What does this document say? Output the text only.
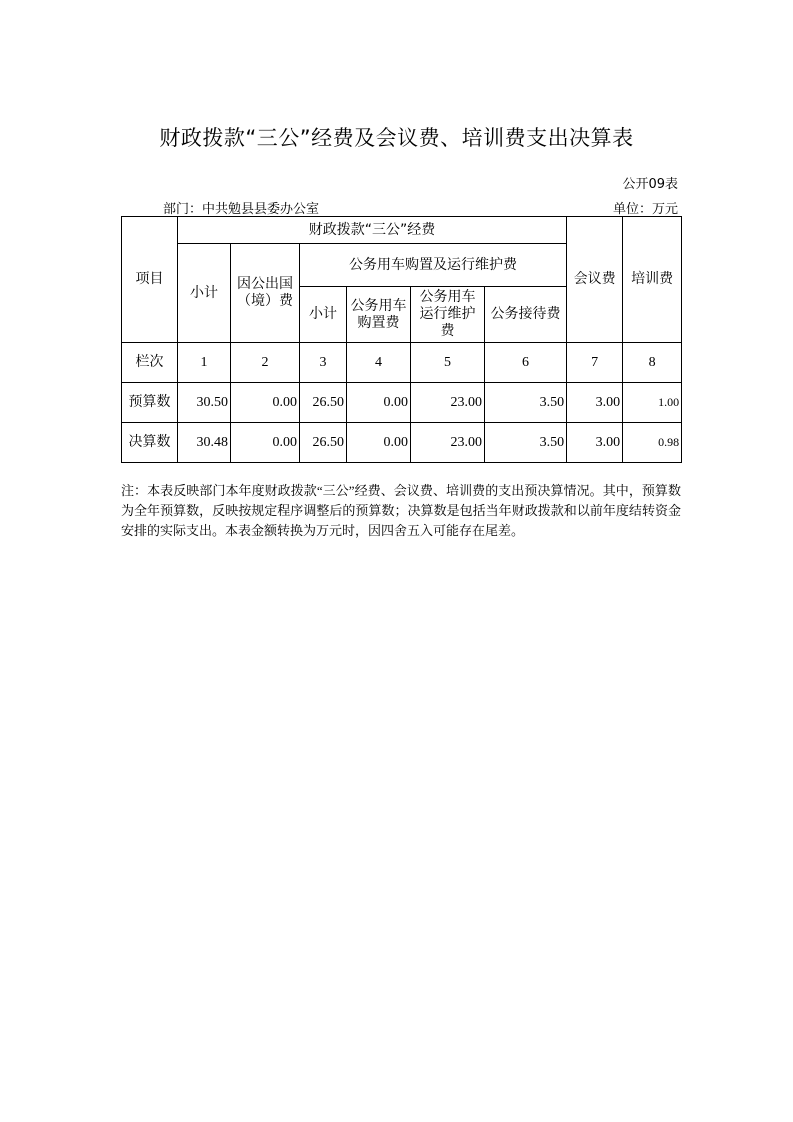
财政拨款“三公”经费及会议费、培训费支出决算表
公开09表
部门：中共勉县县委办公室	单位：万元
项目	财政拨款“三公”经费						会议费	培训费
	小计	因公出国（境）费	公务用车购置及运行维护费					
			小计	公务用车购置费	公务用车运行维护费	公务接待费		
栏次	1	2	3	4	5	6	7	8
预算数	30.50	0.00	26.50	0.00	23.00	3.50	3.00	1.00
决算数	30.48	0.00	26.50	0.00	23.00	3.50	3.00	0.98
注：本表反映部门本年度财政拨款“三公”经费、会议费、培训费的支出预决算情况。其中，预算数为全年预算数，反映按规定程序调整后的预算数；决算数是包括当年财政拨款和以前年度结转资金安排的实际支出。本表金额转换为万元时，因四舍五入可能存在尾差。
